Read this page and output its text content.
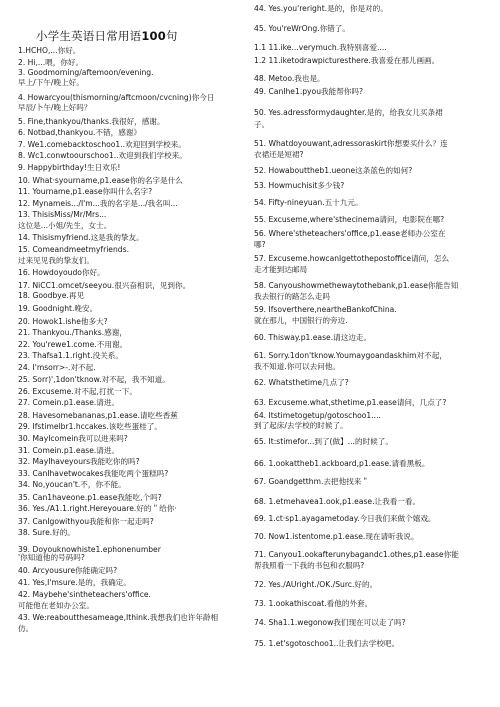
小学生英语日常用语100句
1.HCHO,...你好。
2. Hi,...喂，你好。
3. Goodmorning/aftemoon/evening.
早上/下午/晚上好。
4. Howarcyou(thismorning/aftcmoon/cvcning)你今日
早辰/卜午/晚上好吗？
5. Fine,thankyou/thanks.我很好，感谢。
6. Notbad,thankyou.不错，感谢》
7. We1.comebacktoschoo1..欢迎回到学校来。
8. Wc1.conwtoourschoo1..欢迎到我们学校来。
9. Happybirthday!生日欢乐!
10. What·syourname,p1.ease你的名字是什么
11. Yourname,p1.ease你叫什么名字?
12. Mynameis.../I'm...我的名字是.../我名叫...
13. ThisisMiss/Mr/Mrs...
这位是...小姐/先生，女士。
14. Thisismyfriend.这是我的挚友。
15. Comeandmeetmyfriends.
过来见见我的挚友们。
16. Howdoyoudo你好。
17. NiCC1.omcet/seeyou.很兴奋相识，见到你。
18. Goodbye.再见
19. Goodnight.晚安。
20. Howok1.ishe他多大?
21. Thankyou./Thanks.感谢，
22. You'rewe1.come.不用谢。
23. Thafsa1.1.right.没关系。
24. I'msorr>-.对不起.
25. Sorr)',1don'tknow.对不起，我不知道。
26. Excuseme.对不起,打扰一下。
27. Comein.p1.ease.请进。
28. Havesomebananas,p1.ease.请吃些香蕉
29. Ifstimelbr1.hccakes.该吃些蛋桂了。
30. MayIcomein我可以进来吗?
31. Comein.p1.ease.请进。
32. MayIhaveyours我能吃你的吗?
33. CanIhavetwocakes我能吃两个蛋糕吗?
34. No,youcan't.不，你不能。
35. Can1haveone.p1.ease我能吃,个吗?
36. Yes./A1.1.right.Hereyouare.好的＂给你·
37. CanIgowithyou我能和你一起走吗?
38. Sure.好的。
39. Doyouknowhiste1.ephonenumber
'你知道他的号码吗?
40. Arcyousure你能确定吗?
41. Yes,I'msure.是的，我确定。
42. Maybehe'sintheteachers'office.
可能他在老如办公室。
43. We:reaboutthesameage,Ithink.我想我们也许年龄相
仿。
44. Yes.you'reright.是的，你是对的。
45. You'reWrOng.你错了。
1.1 11.ike...verymuch.我特别喜爱....
1.2 11.iketodrawpicturesthere.我喜爱在那儿画画。
48. Metoo.我也是。
49. CanIhe1.pyou我能帮你吗?
50. Yes.adressformydaughter.是的，给我女儿买条裙
子。
51. Whatdoyouwant,adressoraskirt你想要买什么？连
衣裙还是短裙?
52. Howabouttheb1.ueone这条蓝色的如何?
53. Howmuchisit多少钱?
54. Fifty-nineyuan.五十九元。
55. Excuseme,where'sthecinema请问，电影院在哪?
56. Where'stheteachers'office,p1.ease老师办公室在
哪?
57. Excuseme.howcanIgettothepostoffice请问，怎么
走才能到达邮局
58. Canyoushowmethewaytothebank,p1.ease你能告知
我去银行的路怎么走吗
59. Ifsoverthere,neartheBankofChina.
就在那儿，中国银行的旁边.
60. Thisway.p1.ease.请这边走。
61. Sorry.1don'tknow.Youmaygoandaskhim对不起，
我不知道.你可以去问他。
62. Whatsthetime几点了?
63. Excuseme.what,sthetime,p1.ease请问，几点了?
64. Itstimetogetup/gotoschoo1....
到了起床/去学校的时候了。
65. It:stimefor...到了(做】...的时候了。
66. 1.ookattheb1.ackboard,p1.ease.请看黑板。
67. Goandgetthm.去把他找来＂
68. 1.etmehavea1.ook,p1.ease.让我看一看。
69. 1.ct·sp1.ayagametoday.今日我们来做个嬉戏。
70. Now1.istentome.p1.ease.现在请听我说。
71. Canyou1.ookafterunybagandc1.othes,p1.ease你能
帮我照看一下我的书包和衣服吗?
72. Yes./AUright./OK./Surc.好的。
73. 1.ookathiscoat.看他的外套。
74. Sha1.1.wegonow我们现在可以走了吗?
75. 1.et'sgotoschoo1..让我们去学校吧。
